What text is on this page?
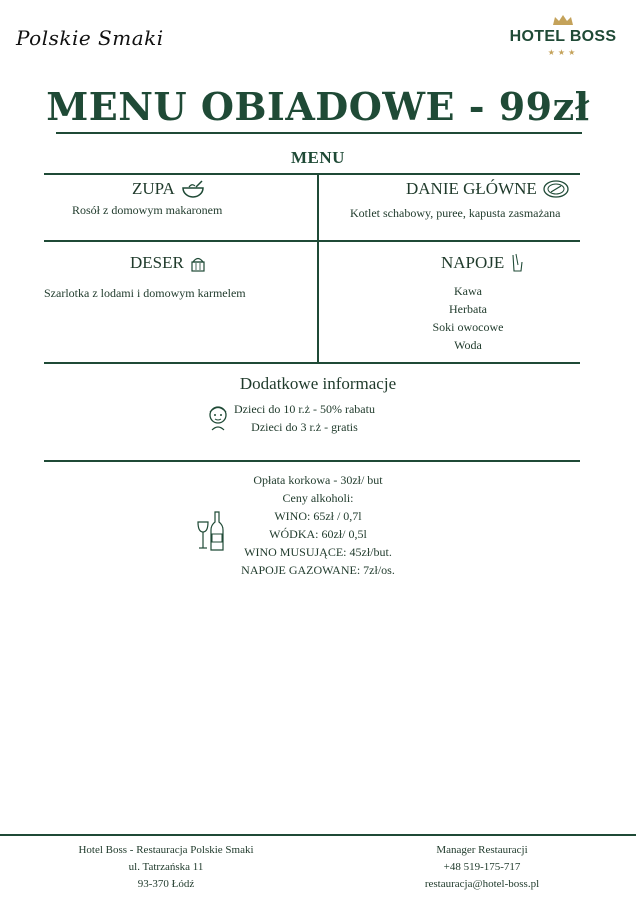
Polskie Smaki	HOTEL BOSS
★★★
MENU OBIADOWE - 99zł
MENU
ZUPA
Rosół z domowym makaronem
DANIE GŁÓWNE
Kotlet schabowy, puree, kapusta zasmażana
DESER
Szarlotka z lodami i domowym karmelem
NAPOJE
Kawa
Herbata
Soki owocowe
Woda
Dodatkowe informacje
Dzieci do 10 r.ż - 50% rabatu
Dzieci do 3 r.ż - gratis
Opłata korkowa - 30zł/ but
Ceny alkoholi:
WINO: 65zł / 0,7l
WÓDKA: 60zł/ 0,5l
WINO MUSUJĄCE: 45zł/but.
NAPOJE GAZOWANE: 7zł/os.
Hotel Boss - Restauracja Polskie Smaki
ul. Tatrzańska 11
93-370 Łódź
Manager Restauracji
+48 519-175-717
restauracja@hotel-boss.pl
